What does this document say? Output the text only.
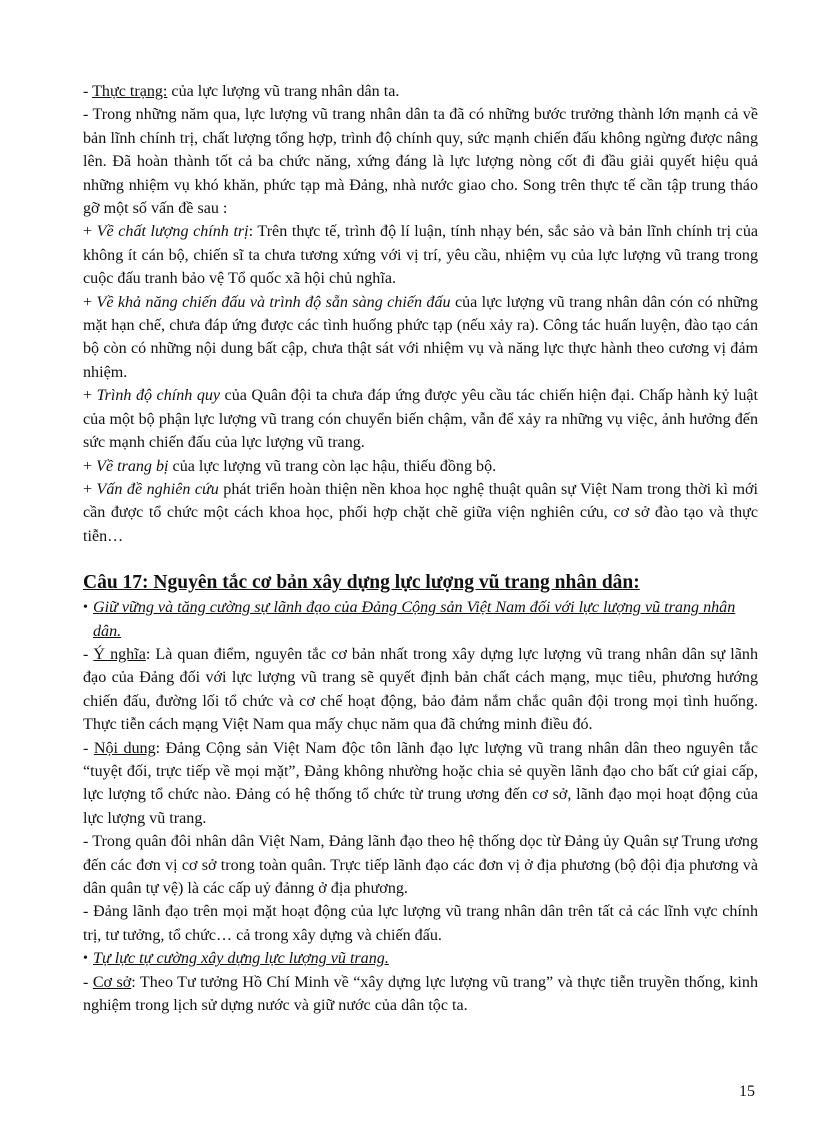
- Thực trạng: của lực lượng vũ trang nhân dân ta.

- Trong những năm qua, lực lượng vũ trang nhân dân ta đã có những bước trưởng thành lớn mạnh cả về bản lĩnh chính trị, chất lượng tổng hợp, trình độ chính quy, sức mạnh chiến đấu không ngừng được nâng lên. Đã hoàn thành tốt cả ba chức năng, xứng đáng là lực lượng nòng cốt đi đầu giải quyết hiệu quả những nhiệm vụ khó khăn, phức tạp mà Đảng, nhà nước giao cho. Song trên thực tế cần tập trung tháo gỡ một số vấn đề sau :

+ Về chất lượng chính trị: Trên thực tế, trình độ lí luận, tính nhạy bén, sắc sảo và bản lĩnh chính trị của không ít cán bộ, chiến sĩ ta chưa tương xứng với vị trí, yêu cầu, nhiệm vụ của lực lượng vũ trang trong cuộc đấu tranh bảo vệ Tổ quốc xã hội chủ nghĩa.

+ Về khả năng chiến đấu và trình độ sẵn sàng chiến đấu của lực lượng vũ trang nhân dân cón có những mặt hạn chế, chưa đáp ứng được các tình huống phức tạp (nếu xảy ra). Công tác huấn luyện, đào tạo cán bộ còn có những nội dung bất cập, chưa thật sát với nhiệm vụ và năng lực thực hành theo cương vị đảm nhiệm.

+ Trình độ chính quy của Quân đội ta chưa đáp ứng được yêu cầu tác chiến hiện đại. Chấp hành kỷ luật của một bộ phận lực lượng vũ trang cón chuyển biến chậm, vẫn để xảy ra những vụ việc, ảnh hưởng đến sức mạnh chiến đấu của lực lượng vũ trang.

+ Về trang bị của lực lượng vũ trang còn lạc hậu, thiếu đồng bộ.

+ Vấn đề nghiên cứu phát triển hoàn thiện nền khoa học nghệ thuật quân sự Việt Nam trong thời kì mới cần được tổ chức một cách khoa học, phối hợp chặt chẽ giữa viện nghiên cứu, cơ sở đào tạo và thực tiễn…

Câu 17: Nguyên tắc cơ bản xây dựng lực lượng vũ trang nhân dân:
• Giữ vững và tăng cường sự lãnh đạo của Đảng Cộng sản Việt Nam đối với lực lượng vũ trang nhân dân.

- Ý nghĩa: Là quan điểm, nguyên tắc cơ bản nhất trong xây dựng lực lượng vũ trang nhân dân sự lãnh đạo của Đảng đối với lực lượng vũ trang sẽ quyết định bản chất cách mạng, mục tiêu, phương hướng chiến đấu, đường lối tổ chức và cơ chế hoạt động, bảo đảm nắm chắc quân đội trong mọi tình huống. Thực tiễn cách mạng Việt Nam qua mấy chục năm qua đã chứng minh điều đó.

- Nội dung: Đảng Cộng sản Việt Nam độc tôn lãnh đạo lực lượng vũ trang nhân dân theo nguyên tắc “tuyệt đối, trực tiếp về mọi mặt”, Đảng không nhường hoặc chia sẻ quyền lãnh đạo cho bất cứ giai cấp, lực lượng tổ chức nào. Đảng có hệ thống tổ chức từ trung ương đến cơ sở, lãnh đạo mọi hoạt động của lực lượng vũ trang.

- Trong quân đôi nhân dân Việt Nam, Đảng lãnh đạo theo hệ thống dọc từ Đảng ủy Quân sự Trung ương đến các đơn vị cơ sở trong toàn quân. Trực tiếp lãnh đạo các đơn vị ở địa phương (bộ đội địa phương và dân quân tự vệ) là các cấp uỷ đảnng ở địa phương.

- Đảng lãnh đạo trên mọi mặt hoạt động của lực lượng vũ trang nhân dân trên tất cả các lĩnh vực chính trị, tư tưởng, tổ chức… cả trong xây dựng và chiến đấu.

• Tự lực tự cường xây dựng lực lượng vũ trang.

- Cơ sở: Theo Tư tưởng Hồ Chí Minh về “xây dựng lực lượng vũ trang” và thực tiễn truyền thống, kinh nghiệm trong lịch sử dựng nước và giữ nước của dân tộc ta.

15
